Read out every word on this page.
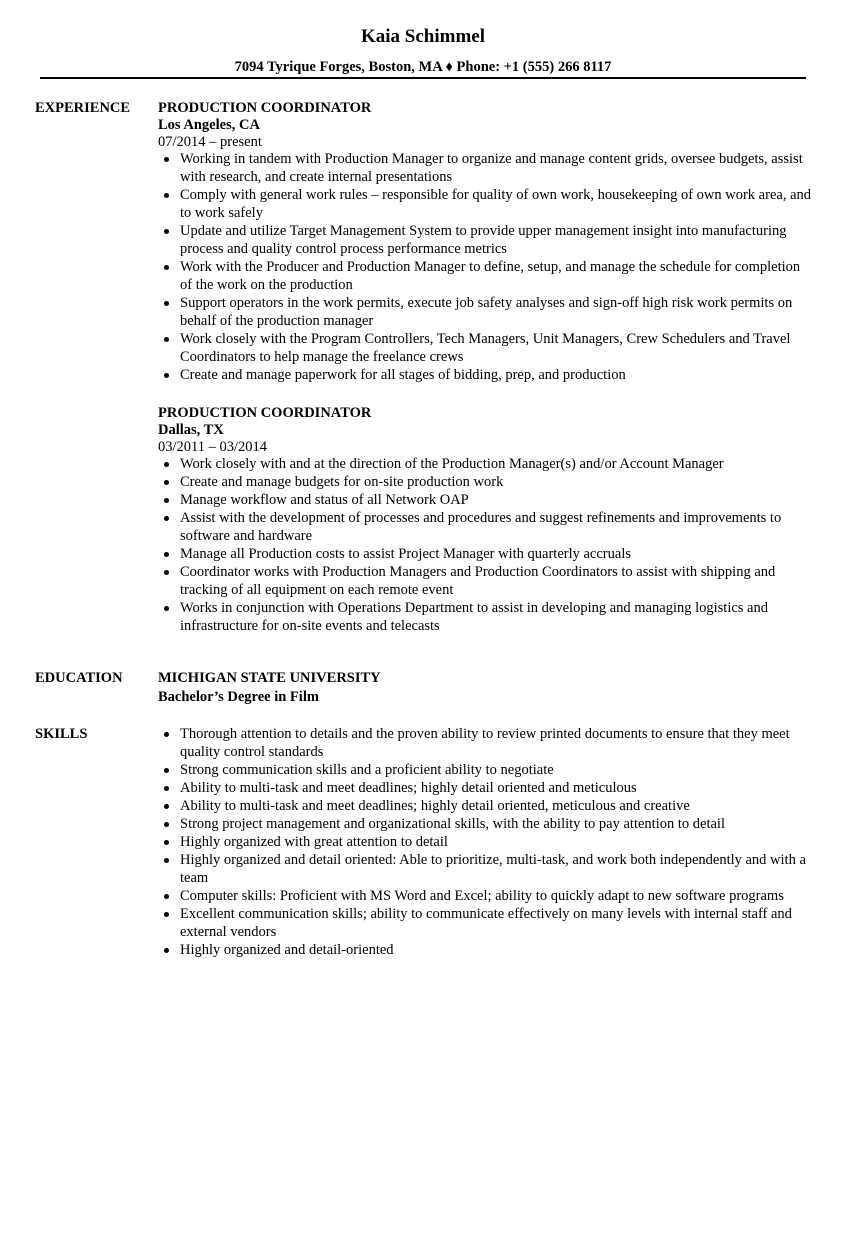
Kaia Schimmel
7094 Tyrique Forges, Boston, MA ♦ Phone: +1 (555) 266 8117
EXPERIENCE PRODUCTION COORDINATOR
Los Angeles, CA
07/2014 – present
Working in tandem with Production Manager to organize and manage content grids, oversee budgets, assist with research, and create internal presentations
Comply with general work rules – responsible for quality of own work, housekeeping of own work area, and to work safely
Update and utilize Target Management System to provide upper management insight into manufacturing process and quality control process performance metrics
Work with the Producer and Production Manager to define, setup, and manage the schedule for completion of the work on the production
Support operators in the work permits, execute job safety analyses and sign-off high risk work permits on behalf of the production manager
Work closely with the Program Controllers, Tech Managers, Unit Managers, Crew Schedulers and Travel Coordinators to help manage the freelance crews
Create and manage paperwork for all stages of bidding, prep, and production
PRODUCTION COORDINATOR
Dallas, TX
03/2011 – 03/2014
Work closely with and at the direction of the Production Manager(s) and/or Account Manager
Create and manage budgets for on-site production work
Manage workflow and status of all Network OAP
Assist with the development of processes and procedures and suggest refinements and improvements to software and hardware
Manage all Production costs to assist Project Manager with quarterly accruals
Coordinator works with Production Managers and Production Coordinators to assist with shipping and tracking of all equipment on each remote event
Works in conjunction with Operations Department to assist in developing and managing logistics and infrastructure for on-site events and telecasts
EDUCATION MICHIGAN STATE UNIVERSITY
Bachelor’s Degree in Film
SKILLS	Thorough attention to details and the proven ability to review printed documents to ensure that they meet quality control standards
Strong communication skills and a proficient ability to negotiate
Ability to multi-task and meet deadlines; highly detail oriented and meticulous
Ability to multi-task and meet deadlines; highly detail oriented, meticulous and creative
Strong project management and organizational skills, with the ability to pay attention to detail
Highly organized with great attention to detail
Highly organized and detail oriented: Able to prioritize, multi-task, and work both independently and with a team
Computer skills: Proficient with MS Word and Excel; ability to quickly adapt to new software programs
Excellent communication skills; ability to communicate effectively on many levels with internal staff and external vendors
Highly organized and detail-oriented
